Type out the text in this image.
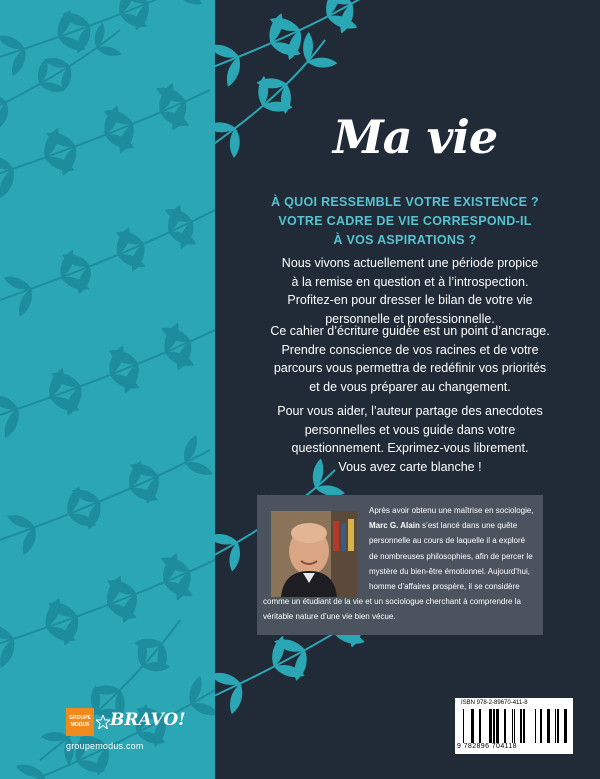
Ma vie
À QUOI RESSEMBLE VOTRE EXISTENCE ?
VOTRE CADRE DE VIE CORRESPOND-IL
À VOS ASPIRATIONS ?
Nous vivons actuellement une période propice
à la remise en question et à l’introspection.
Profitez-en pour dresser le bilan de votre vie
personnelle et professionnelle.
Ce cahier d’écriture guidée est un point d’ancrage.
Prendre conscience de vos racines et de votre
parcours vous permettra de redéfinir vos priorités
et de vous préparer au changement.
Pour vous aider, l’auteur partage des anecdotes
personnelles et vous guide dans votre
questionnement. Exprimez-vous librement.
Vous avez carte blanche !
Après avoir obtenu une maîtrise en sociologie,
Marc G. Alain s’est lancé dans une quête
personnelle au cours de laquelle il a exploré
de nombreuses philosophies, afin de percer le
mystère du bien-être émotionnel. Aujourd’hui,
homme d’affaires prospère, il se considère
comme un étudiant de la vie et un sociologue cherchant à comprendre la
véritable nature d’une vie bien vécue.
GROUPE
MODUS BRAVO!
groupemodus.com
ISBN 978-2-89670-411-8
9 782896 704118
